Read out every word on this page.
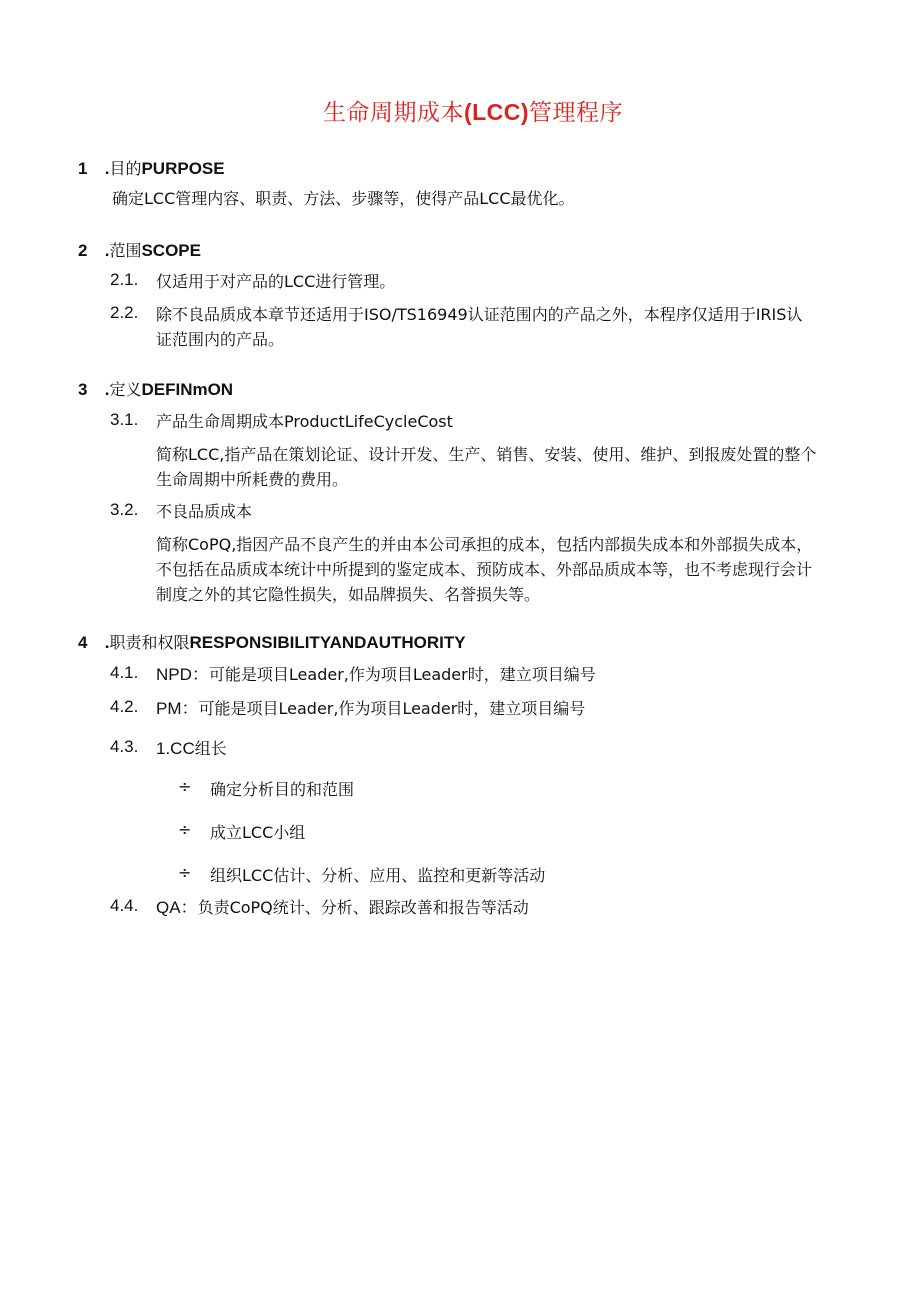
生命周期成本(LCC)管理程序
1 .目的PURPOSE
确定LCC管理内容、职责、方法、步骤等，使得产品LCC最优化。
2 .范围SCOPE
2.1. 仅适用于对产品的LCC进行管理。
2.2. 除不良品质成本章节还适用于ISO/TS16949认证范围内的产品之外，本程序仅适用于IRIS认
证范围内的产品。
3 .定义DEFINmON
3.1. 产品生命周期成本ProductLifeCycleCost
简称LCC,指产品在策划论证、设计开发、生产、销售、安装、使用、维护、到报废处置的整个
生命周期中所耗费的费用。
3.2. 不良品质成本
简称CoPQ,指因产品不良产生的并由本公司承担的成本，包括内部损失成本和外部损失成本，
不包括在品质成本统计中所提到的鉴定成本、预防成本、外部品质成本等，也不考虑现行会计
制度之外的其它隐性损失，如品牌损失、名誉损失等。
4 .职责和权限RESPONSIBILITYANDAUTHORITY
4.1. NPD：可能是项目Leader,作为项目Leader时，建立项目编号
4.2. PM：可能是项目Leader,作为项目Leader时，建立项目编号
4.3. 1.CC组长
÷ 确定分析目的和范围
÷ 成立LCC小组
÷ 组织LCC估计、分析、应用、监控和更新等活动
4.4. QA：负责CoPQ统计、分析、跟踪改善和报告等活动
